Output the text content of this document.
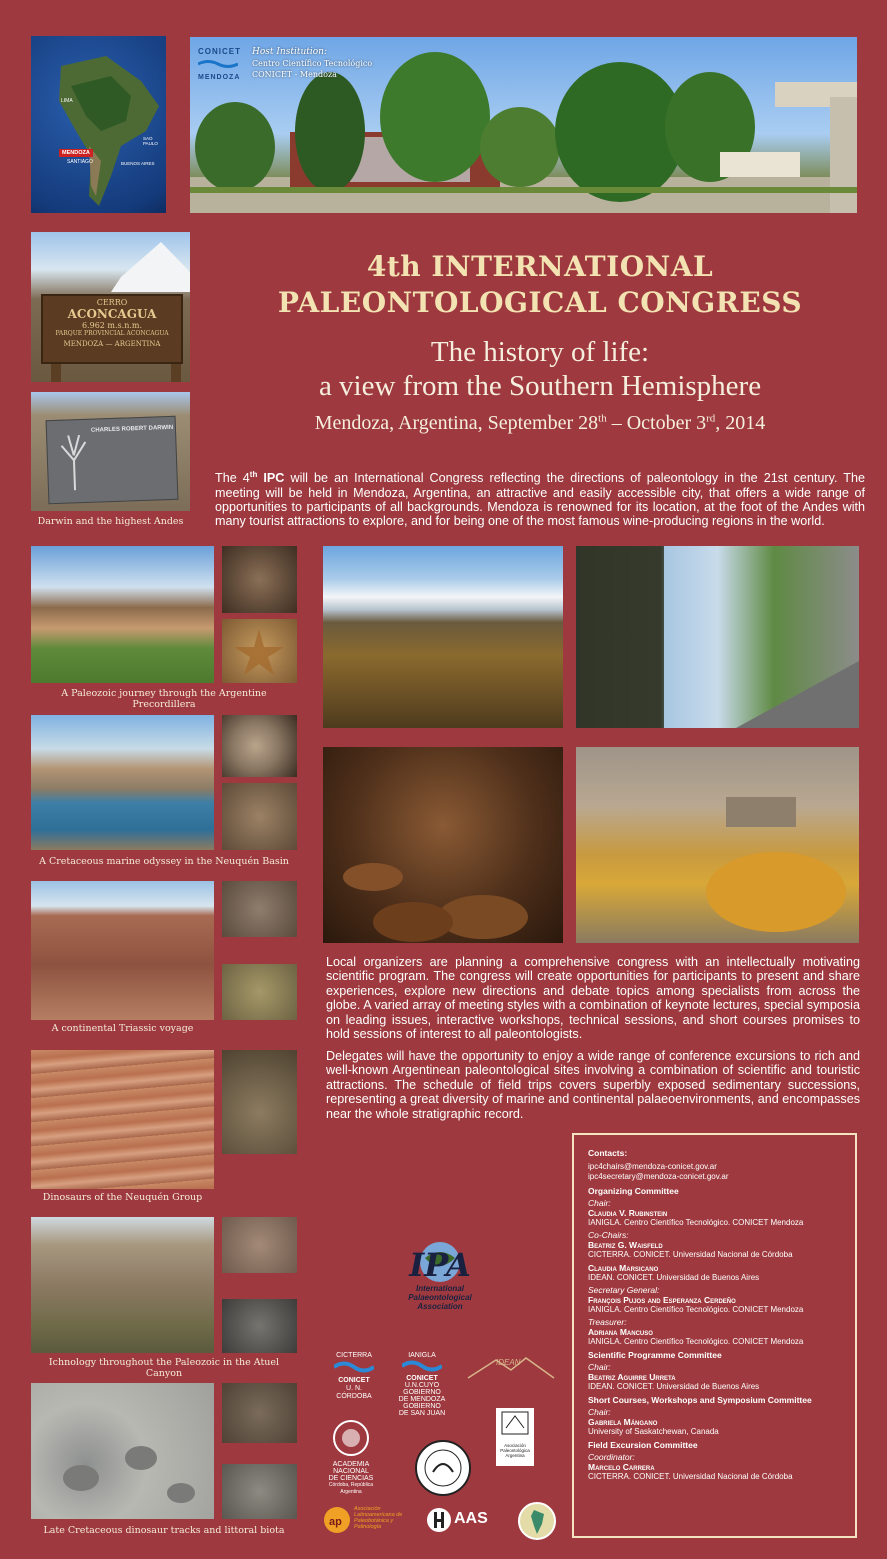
LIMA
SANTIAGO
SAO PAULO
BUENOS AIRES
MENDOZA
CONICET
MENDOZA
Host Institution:
Centro Científico Tecnológico
CONICET - Mendoza
CERRO
ACONCAGUA
6.962 m.s.n.m.
PARQUE PROVINCIAL ACONCAGUA
MENDOZA — ARGENTINA
CHARLES ROBERT DARWIN
Darwin and the highest Andes
4th INTERNATIONAL
PALEONTOLOGICAL CONGRESS
The history of life:
a view from the Southern Hemisphere
Mendoza, Argentina, September 28th – October 3rd, 2014
The 4th IPC will be an International Congress reflecting the directions of paleontology in the 21st century. The meeting will be held in Mendoza, Argentina, an attractive and easily accessible city, that offers a wide range of opportunities to participants of all backgrounds. Mendoza is renowned for its location, at the foot of the Andes with many tourist attractions to explore, and for being one of the most famous wine-producing regions in the world.
A Paleozoic journey through the Argentine Precordillera
A Cretaceous marine odyssey in the Neuquén Basin
A continental Triassic voyage
Dinosaurs of the Neuquén Group
Ichnology throughout the Paleozoic in the Atuel Canyon
Late Cretaceous dinosaur tracks and littoral biota
Local organizers are planning a comprehensive congress with an intellectually motivating scientific program. The congress will create opportunities for participants to present and share experiences, explore new directions and debate topics among specialists from across the globe. A varied array of meeting styles with a combination of keynote lectures, special symposia on leading issues, interactive workshops, technical sessions, and short courses promises to hold sessions of interest to all paleontologists.
Delegates will have the opportunity to enjoy a wide range of conference excursions to rich and well-known Argentinean paleontological sites involving a combination of scientific and touristic attractions. The schedule of field trips covers superbly exposed sedimentary successions, representing a great diversity of marine and continental palaeoenvironments, and encompasses near the whole stratigraphic record.
IPA
International
Palaeontological
Association
CICTERRA
CONICET
U. N. CÓRDOBA
IANIGLA
CONICET
U.N.CUYO
GOBIERNO
DE MENDOZA
GOBIERNO
DE SAN JUAN
IDEAN
ACADEMIA NACIONAL
DE CIENCIAS
Córdoba, República Argentina
Asociación
Paleontológica
Argentina
ap
Asociación
Latinoamericana de
Paleobotánica y
Palinología	AAS
Contacts:
ipc4chairs@mendoza-conicet.gov.ar
ipc4secretary@mendoza-conicet.gov.ar
Organizing Committee
Chair:
Claudia V. Rubinstein
IANIGLA. Centro Científico Tecnológico. CONICET Mendoza
Co-Chairs:
Beatriz G. Waisfeld
CICTERRA. CONICET. Universidad Nacional de Córdoba
Claudia Marsicano
IDEAN. CONICET. Universidad de Buenos Aires
Secretary General:
François Pujos and Esperanza Cerdeño
IANIGLA. Centro Científico Tecnológico. CONICET Mendoza
Treasurer:
Adriana Mancuso
IANIGLA. Centro Científico Tecnológico. CONICET Mendoza
Scientific Programme Committee
Chair:
Beatriz Aguirre Urreta
IDEAN. CONICET. Universidad de Buenos Aires
Short Courses, Workshops and Symposium Committee
Chair:
Gabriela Mángano
University of Saskatchewan, Canada
Field Excursion Committee
Coordinator:
Marcelo Carrera
CICTERRA. CONICET. Universidad Nacional de Córdoba
